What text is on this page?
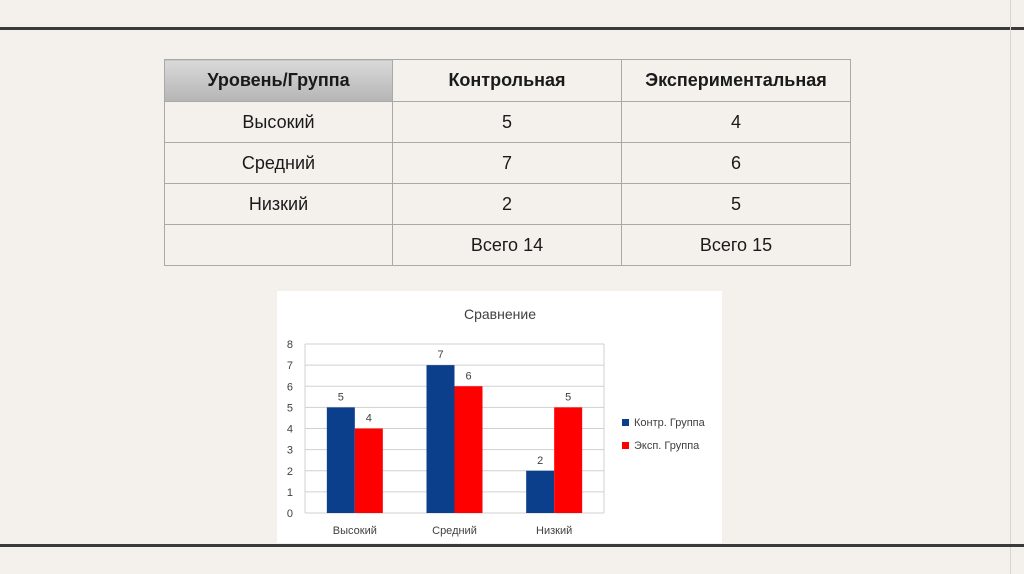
Уровень/Группа	Контрольная	Экспериментальная
Высокий	5	4
Средний	7	6
Низкий	2	5
	Всего 14	Всего 15
Сравнение
0
1
2
3
4
5
6
7
8
5
4
Высокий
7
6
Средний
2
5
Низкий
Контр. Группа
Эксп. Группа
